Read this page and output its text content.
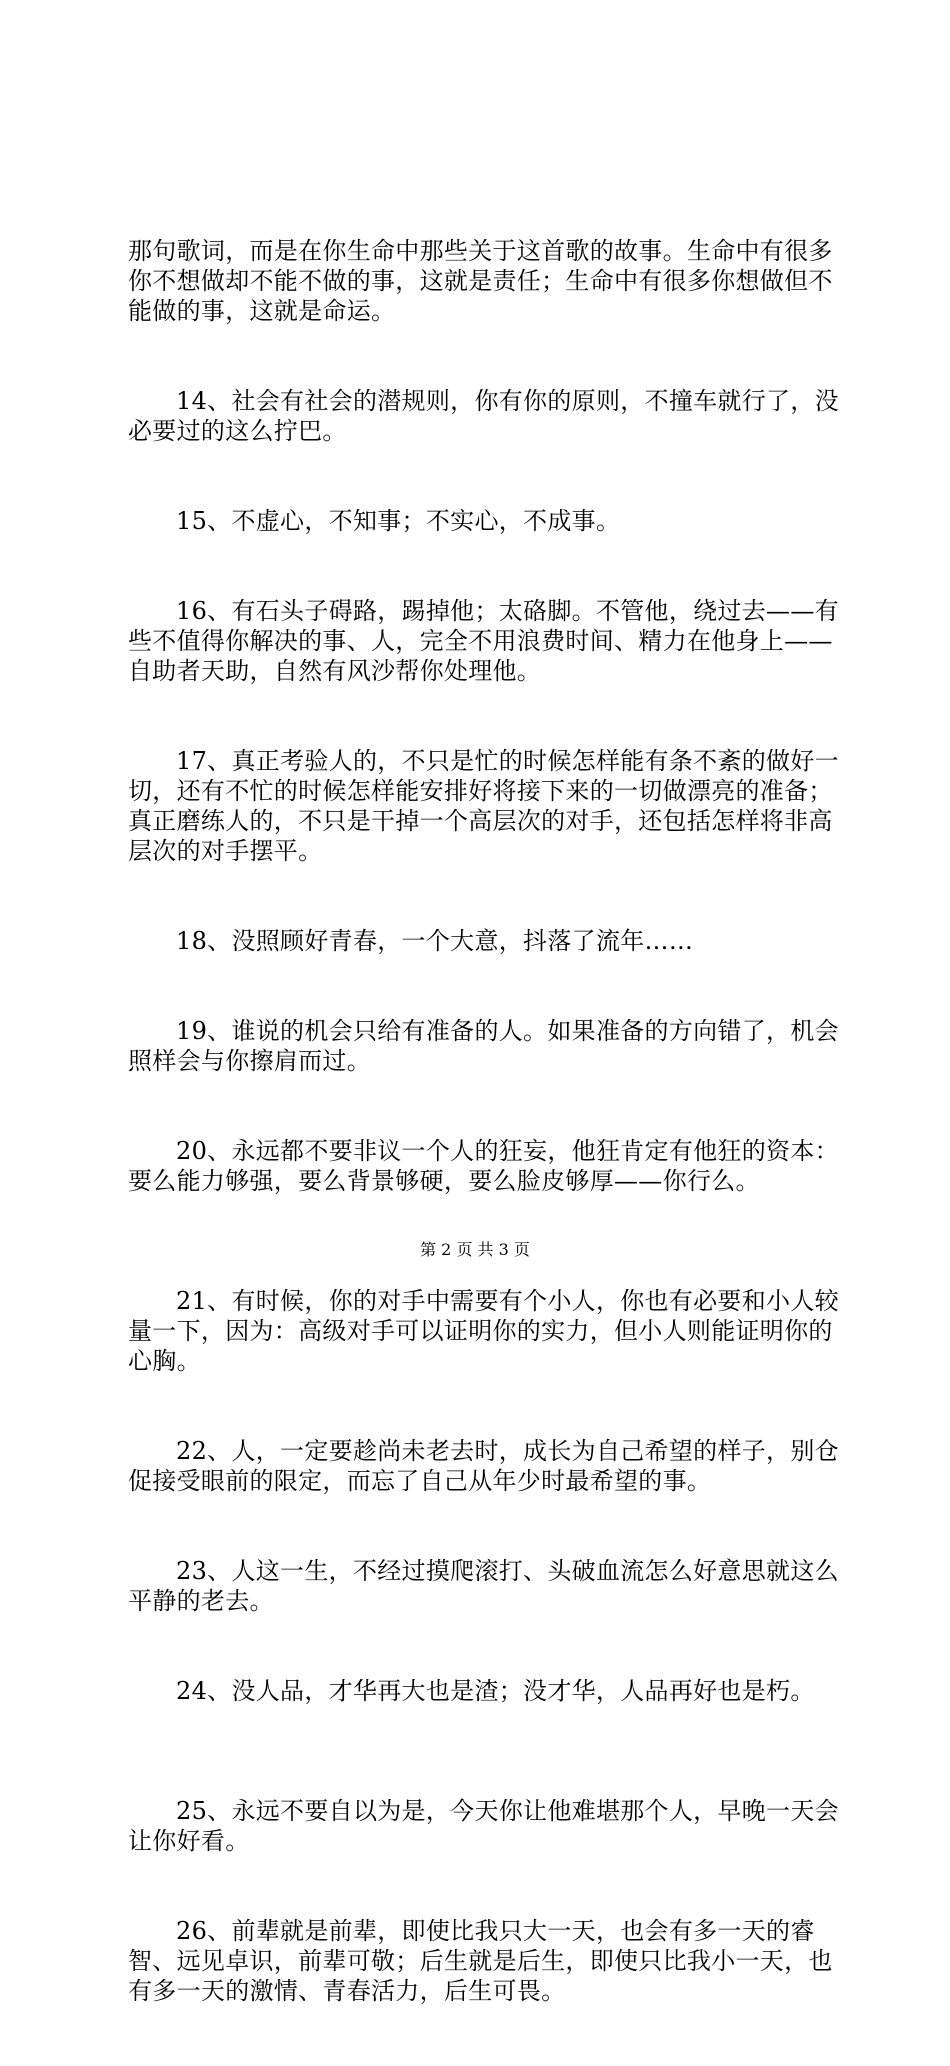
那句歌词，而是在你生命中那些关于这首歌的故事。生命中有很多你不想做却不能不做的事，这就是责任；生命中有很多你想做但不能做的事，这就是命运。

14、社会有社会的潜规则，你有你的原则，不撞车就行了，没必要过的这么拧巴。

15、不虚心，不知事；不实心，不成事。

16、有石头子碍路，踢掉他；太硌脚。不管他，绕过去——有些不值得你解决的事、人，完全不用浪费时间、精力在他身上——自助者天助，自然有风沙帮你处理他。

17、真正考验人的，不只是忙的时候怎样能有条不紊的做好一切，还有不忙的时候怎样能安排好将接下来的一切做漂亮的准备；真正磨练人的，不只是干掉一个高层次的对手，还包括怎样将非高层次的对手摆平。

18、没照顾好青春，一个大意，抖落了流年……

19、谁说的机会只给有准备的人。如果准备的方向错了，机会照样会与你擦肩而过。

20、永远都不要非议一个人的狂妄，他狂肯定有他狂的资本：要么能力够强，要么背景够硬，要么脸皮够厚——你行么。

21、有时候，你的对手中需要有个小人，你也有必要和小人较量一下，因为：高级对手可以证明你的实力，但小人则能证明你的心胸。

22、人，一定要趁尚未老去时，成长为自己希望的样子，别仓促接受眼前的限定，而忘了自己从年少时最希望的事。

23、人这一生，不经过摸爬滚打、头破血流怎么好意思就这么平静的老去。

24、没人品，才华再大也是渣；没才华，人品再好也是朽。

25、永远不要自以为是，今天你让他难堪那个人，早晚一天会让你好看。

26、前辈就是前辈，即使比我只大一天，也会有多一天的睿智、远见卓识，前辈可敬；后生就是后生，即使只比我小一天，也有多一天的激情、青春活力，后生可畏。

第 2 页 共 3 页
